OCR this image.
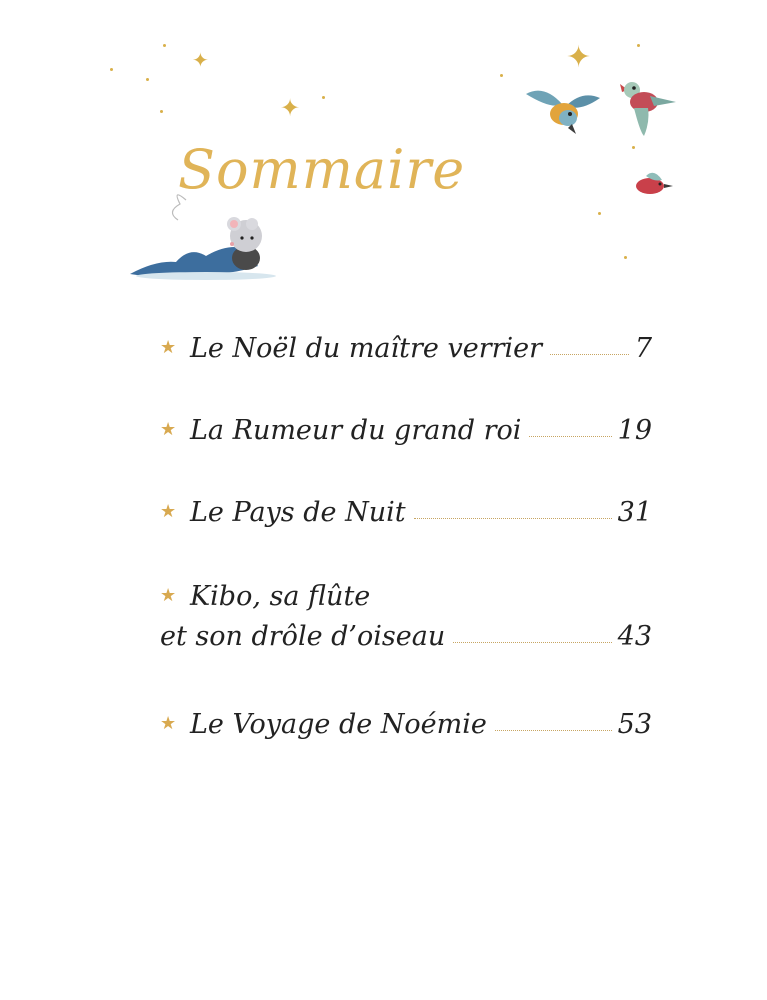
✦
✦
✦
Sommaire
★ Le Noël du maître verrier	7
★ La Rumeur du grand roi	19
★ Le Pays de Nuit	31
★ Kibo, sa flûte
et son drôle d’oiseau	43
★ Le Voyage de Noémie	53
